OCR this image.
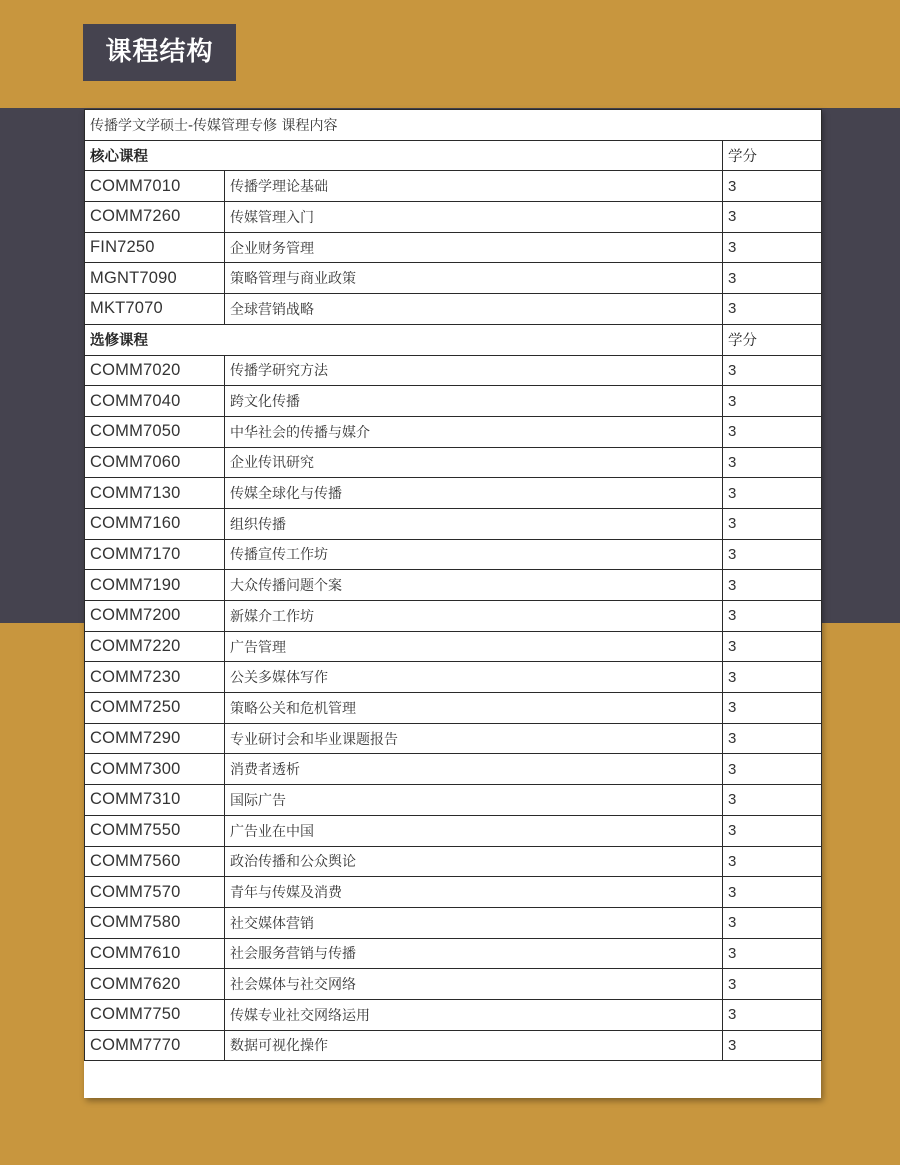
课程结构
传播学文学硕士-传媒管理专修 课程内容		
核心课程		学分
COMM7010	传播学理论基础	3
COMM7260	传媒管理入门	3
FIN7250	企业财务管理	3
MGNT7090	策略管理与商业政策	3
MKT7070	全球营销战略	3
选修课程		学分
COMM7020	传播学研究方法	3
COMM7040	跨文化传播	3
COMM7050	中华社会的传播与媒介	3
COMM7060	企业传讯研究	3
COMM7130	传媒全球化与传播	3
COMM7160	组织传播	3
COMM7170	传播宣传工作坊	3
COMM7190	大众传播问题个案	3
COMM7200	新媒介工作坊	3
COMM7220	广告管理	3
COMM7230	公关多媒体写作	3
COMM7250	策略公关和危机管理	3
COMM7290	专业研讨会和毕业课题报告	3
COMM7300	消费者透析	3
COMM7310	国际广告	3
COMM7550	广告业在中国	3
COMM7560	政治传播和公众舆论	3
COMM7570	青年与传媒及消费	3
COMM7580	社交媒体营销	3
COMM7610	社会服务营销与传播	3
COMM7620	社会媒体与社交网络	3
COMM7750	传媒专业社交网络运用	3
COMM7770	数据可视化操作	3
